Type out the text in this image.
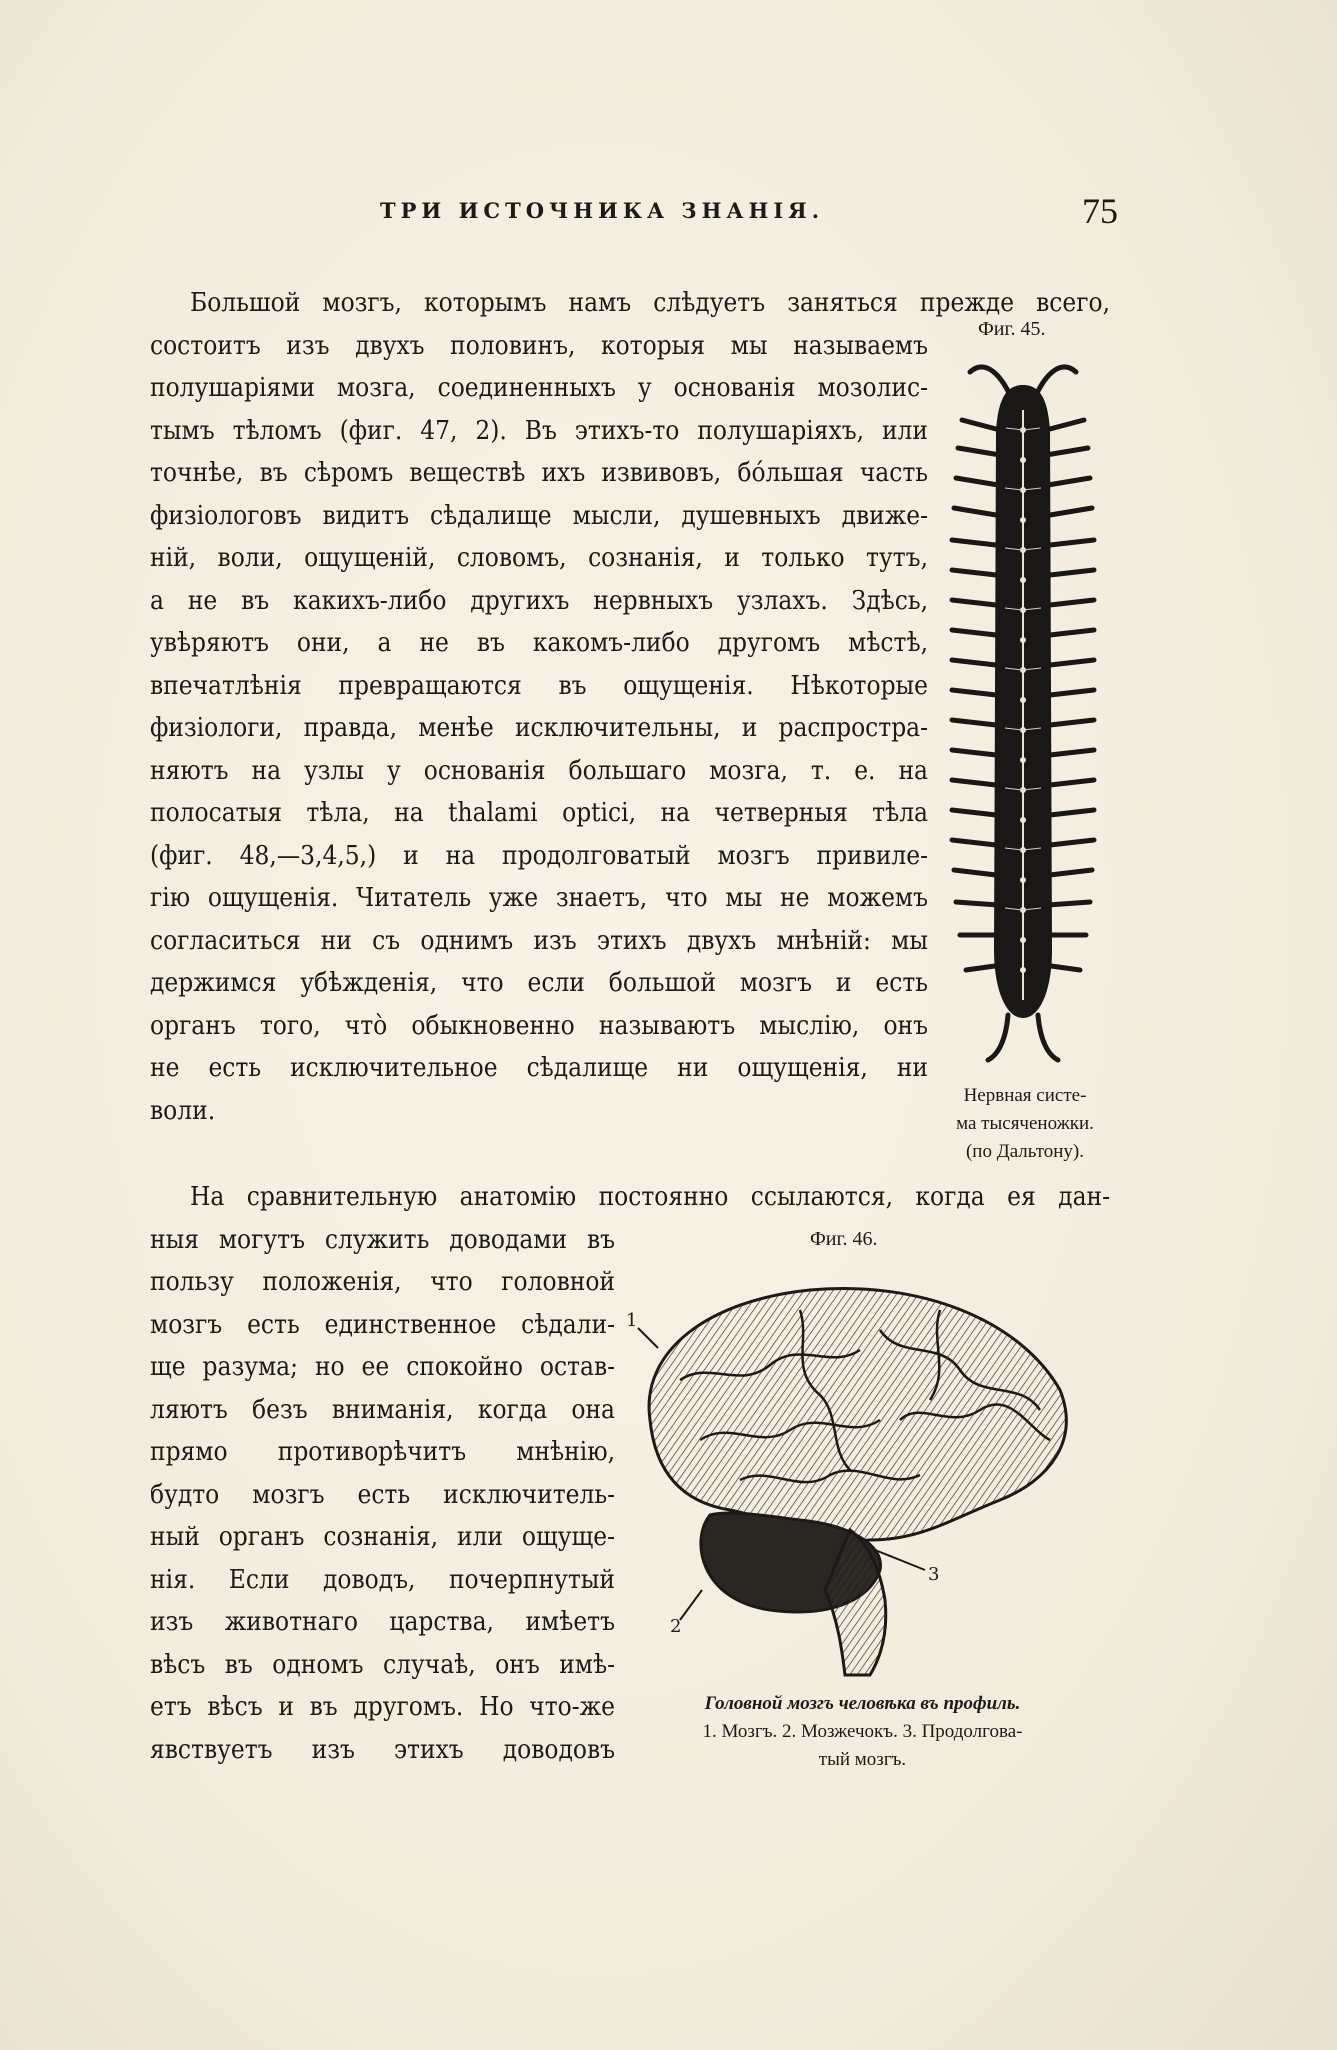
ТРИ ИСТОЧНИКА ЗНАНІЯ.	75
Фиг. 45.
Нервная систе-
ма тысяченожки.
(по Дальтону).
Большой мозгъ, которымъ намъ слѣдуетъ заняться прежде всего,
состоитъ изъ двухъ половинъ, которыя мы называемъ
полушаріями мозга, соединенныхъ у основанія мозолис-
тымъ тѣломъ (фиг. 47, 2). Въ этихъ-то полушаріяхъ, или
точнѣе, въ сѣромъ веществѣ ихъ извивовъ, бóльшая часть
физіологовъ видитъ сѣдалище мысли, душевныхъ движе-
ній, воли, ощущеній, словомъ, сознанія, и только тутъ,
а не въ какихъ-либо другихъ нервныхъ узлахъ. Здѣсь,
увѣряютъ они, а не въ какомъ-либо другомъ мѣстѣ,
впечатлѣнія превращаются въ ощущенія. Нѣкоторые
физіологи, правда, менѣе исключительны, и распростра-
няютъ на узлы у основанія большаго мозга, т. е. на
полосатыя тѣла, на thalami opticі, на четверныя тѣла
(фиг. 48,—3,4,5,) и на продолговатый мозгъ привиле-
гію ощущенія. Читатель уже знаетъ, что мы не можемъ
согласиться ни съ однимъ изъ этихъ двухъ мнѣній: мы
держимся убѣжденія, что если большой мозгъ и есть
органъ того, чтò обыкновенно называютъ мыслію, онъ
не есть исключительное сѣдалище ни ощущенія, ни
воли.
На сравнительную анатомію постоянно ссылаются, когда ея дан-
ныя могутъ служить доводами въ
пользу положенія, что головной
мозгъ есть единственное сѣдали-
ще разума; но ее спокойно остав-
ляютъ безъ вниманія, когда она
прямо противорѣчитъ мнѣнію,
будто мозгъ есть исключитель-
ный органъ сознанія, или ощуще-
нія. Если доводъ, почерпнутый
изъ животнаго царства, имѣетъ
вѣсъ въ одномъ случаѣ, онъ имѣ-
етъ вѣсъ и въ другомъ. Но что-же
явствуетъ изъ этихъ доводовъ
Фиг. 46.
1
2
3
Головной мозгъ человѣка въ профиль.
1. Мозгъ. 2. Мозжечокъ. 3. Продолгова-
тый мозгъ.
